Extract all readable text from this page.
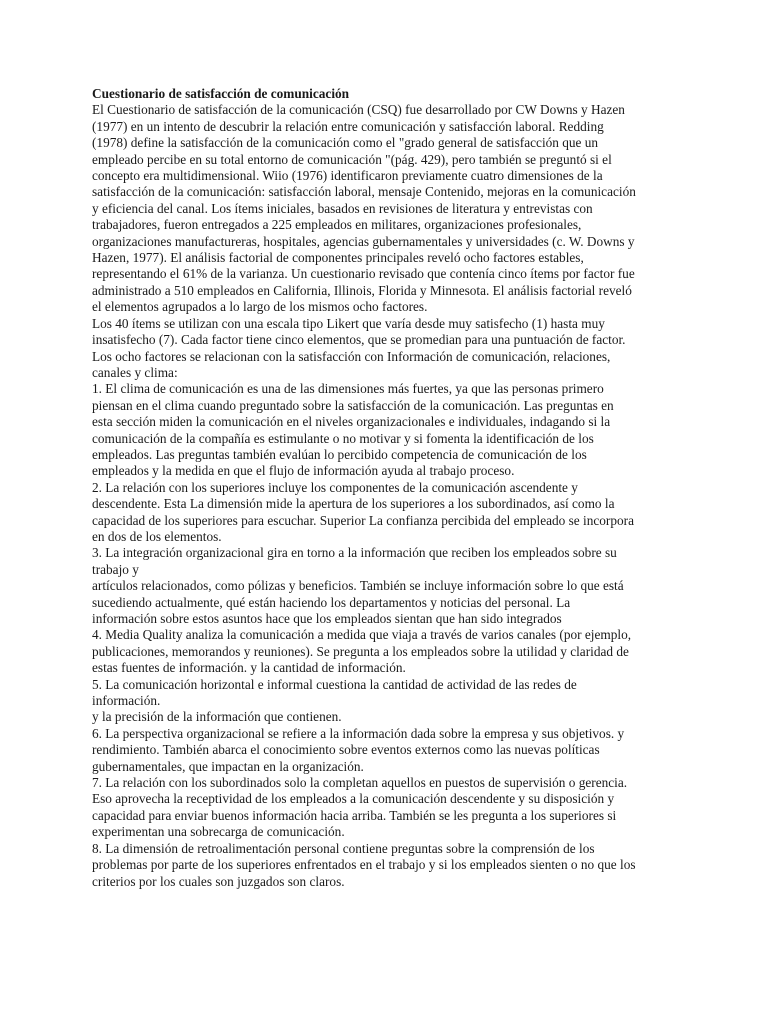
Cuestionario de satisfacción de comunicación

El Cuestionario de satisfacción de la comunicación (CSQ) fue desarrollado por CW Downs y Hazen
(1977) en un intento de descubrir la relación entre comunicación y satisfacción laboral. Redding
(1978) define la satisfacción de la comunicación como el "grado general de satisfacción que un
empleado percibe en su total entorno de comunicación "(pág. 429), pero también se preguntó si el
concepto era multidimensional. Wiio (1976) identificaron previamente cuatro dimensiones de la
satisfacción de la comunicación: satisfacción laboral, mensaje Contenido, mejoras en la comunicación
y eficiencia del canal. Los ítems iniciales, basados en revisiones de literatura y entrevistas con
trabajadores, fueron entregados a 225 empleados en militares, organizaciones profesionales,
organizaciones manufactureras, hospitales, agencias gubernamentales y universidades (c. W. Downs y
Hazen, 1977). El análisis factorial de componentes principales reveló ocho factores estables,
representando el 61% de la varianza. Un cuestionario revisado que contenía cinco ítems por factor fue
administrado a 510 empleados en California, Illinois, Florida y Minnesota. El análisis factorial reveló
el elementos agrupados a lo largo de los mismos ocho factores.

Los 40 ítems se utilizan con una escala tipo Likert que varía desde muy satisfecho (1) hasta muy
insatisfecho (7). Cada factor tiene cinco elementos, que se promedian para una puntuación de factor.

Los ocho factores se relacionan con la satisfacción con Información de comunicación, relaciones,
canales y clima:

1. El clima de comunicación es una de las dimensiones más fuertes, ya que las personas primero
piensan en el clima cuando preguntado sobre la satisfacción de la comunicación. Las preguntas en
esta sección miden la comunicación en el niveles organizacionales e individuales, indagando si la
comunicación de la compañía es estimulante o no motivar y si fomenta la identificación de los
empleados. Las preguntas también evalúan lo percibido competencia de comunicación de los
empleados y la medida en que el flujo de información ayuda al trabajo proceso.

2. La relación con los superiores incluye los componentes de la comunicación ascendente y
descendente. Esta La dimensión mide la apertura de los superiores a los subordinados, así como la
capacidad de los superiores para escuchar. Superior La confianza percibida del empleado se incorpora
en dos de los elementos.

3. La integración organizacional gira en torno a la información que reciben los empleados sobre su
trabajo y
artículos relacionados, como pólizas y beneficios. También se incluye información sobre lo que está
sucediendo actualmente, qué están haciendo los departamentos y noticias del personal. La
información sobre estos asuntos hace que los empleados sientan que han sido integrados

4. Media Quality analiza la comunicación a medida que viaja a través de varios canales (por ejemplo,
publicaciones, memorandos y reuniones). Se pregunta a los empleados sobre la utilidad y claridad de
estas fuentes de información. y la cantidad de información.

5. La comunicación horizontal e informal cuestiona la cantidad de actividad de las redes de
información.
y la precisión de la información que contienen.

6. La perspectiva organizacional se refiere a la información dada sobre la empresa y sus objetivos. y
rendimiento. También abarca el conocimiento sobre eventos externos como las nuevas políticas
gubernamentales, que impactan en la organización.

7. La relación con los subordinados solo la completan aquellos en puestos de supervisión o gerencia.
Eso aprovecha la receptividad de los empleados a la comunicación descendente y su disposición y
capacidad para enviar buenos información hacia arriba. También se les pregunta a los superiores si
experimentan una sobrecarga de comunicación.

8. La dimensión de retroalimentación personal contiene preguntas sobre la comprensión de los
problemas por parte de los superiores enfrentados en el trabajo y si los empleados sienten o no que los
criterios por los cuales son juzgados son claros.
